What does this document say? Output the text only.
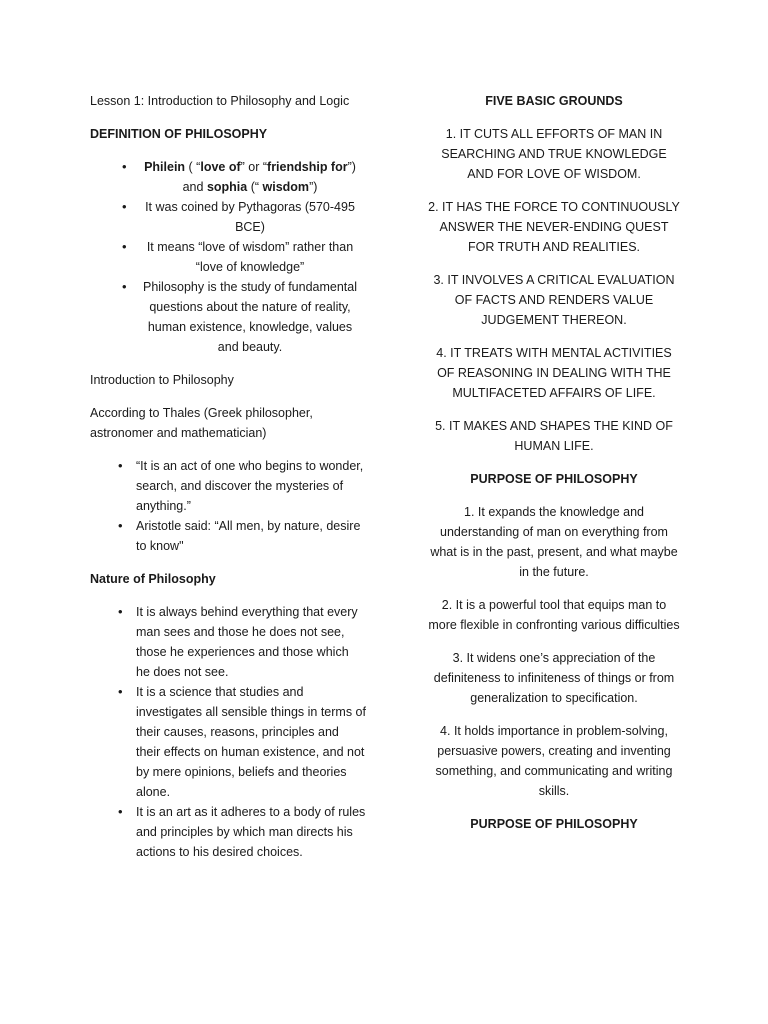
Lesson 1: Introduction to Philosophy and Logic

DEFINITION OF PHILOSOPHY

• Philein ( “love of” or “friendship for”) and sophia (“ wisdom”)
• It was coined by Pythagoras (570-495 BCE)
• It means “love of wisdom” rather than “love of knowledge”
• Philosophy is the study of fundamental questions about the nature of reality, human existence, knowledge, values and beauty.

Introduction to Philosophy

According to Thales (Greek philosopher, astronomer and mathematician)

• “It is an act of one who begins to wonder, search, and discover the mysteries of anything.”
• Aristotle said: “All men, by nature, desire to know"

Nature of Philosophy

• It is always behind everything that every man sees and those he does not see, those he experiences and those which he does not see.
• It is a science that studies and investigates all sensible things in terms of their causes, reasons, principles and their effects on human existence, and not by mere opinions, beliefs and theories alone.
• It is an art as it adheres to a body of rules and principles by which man directs his actions to his desired choices.

FIVE BASIC GROUNDS

1. IT CUTS ALL EFFORTS OF MAN IN SEARCHING AND TRUE KNOWLEDGE AND FOR LOVE OF WISDOM.

2. IT HAS THE FORCE TO CONTINUOUSLY ANSWER THE NEVER-ENDING QUEST FOR TRUTH AND REALITIES.

3. IT INVOLVES A CRITICAL EVALUATION OF FACTS AND RENDERS VALUE JUDGEMENT THEREON.

4. IT TREATS WITH MENTAL ACTIVITIES OF REASONING IN DEALING WITH THE MULTIFACETED AFFAIRS OF LIFE.

5. IT MAKES AND SHAPES THE KIND OF HUMAN LIFE.

PURPOSE OF PHILOSOPHY

1. It expands the knowledge and understanding of man on everything from what is in the past, present, and what maybe in the future.

2. It is a powerful tool that equips man to more flexible in confronting various difficulties

3. It widens one’s appreciation of the definiteness to infiniteness of things or from generalization to specification.

4. It holds importance in problem-solving, persuasive powers, creating and inventing something, and communicating and writing skills.

PURPOSE OF PHILOSOPHY
